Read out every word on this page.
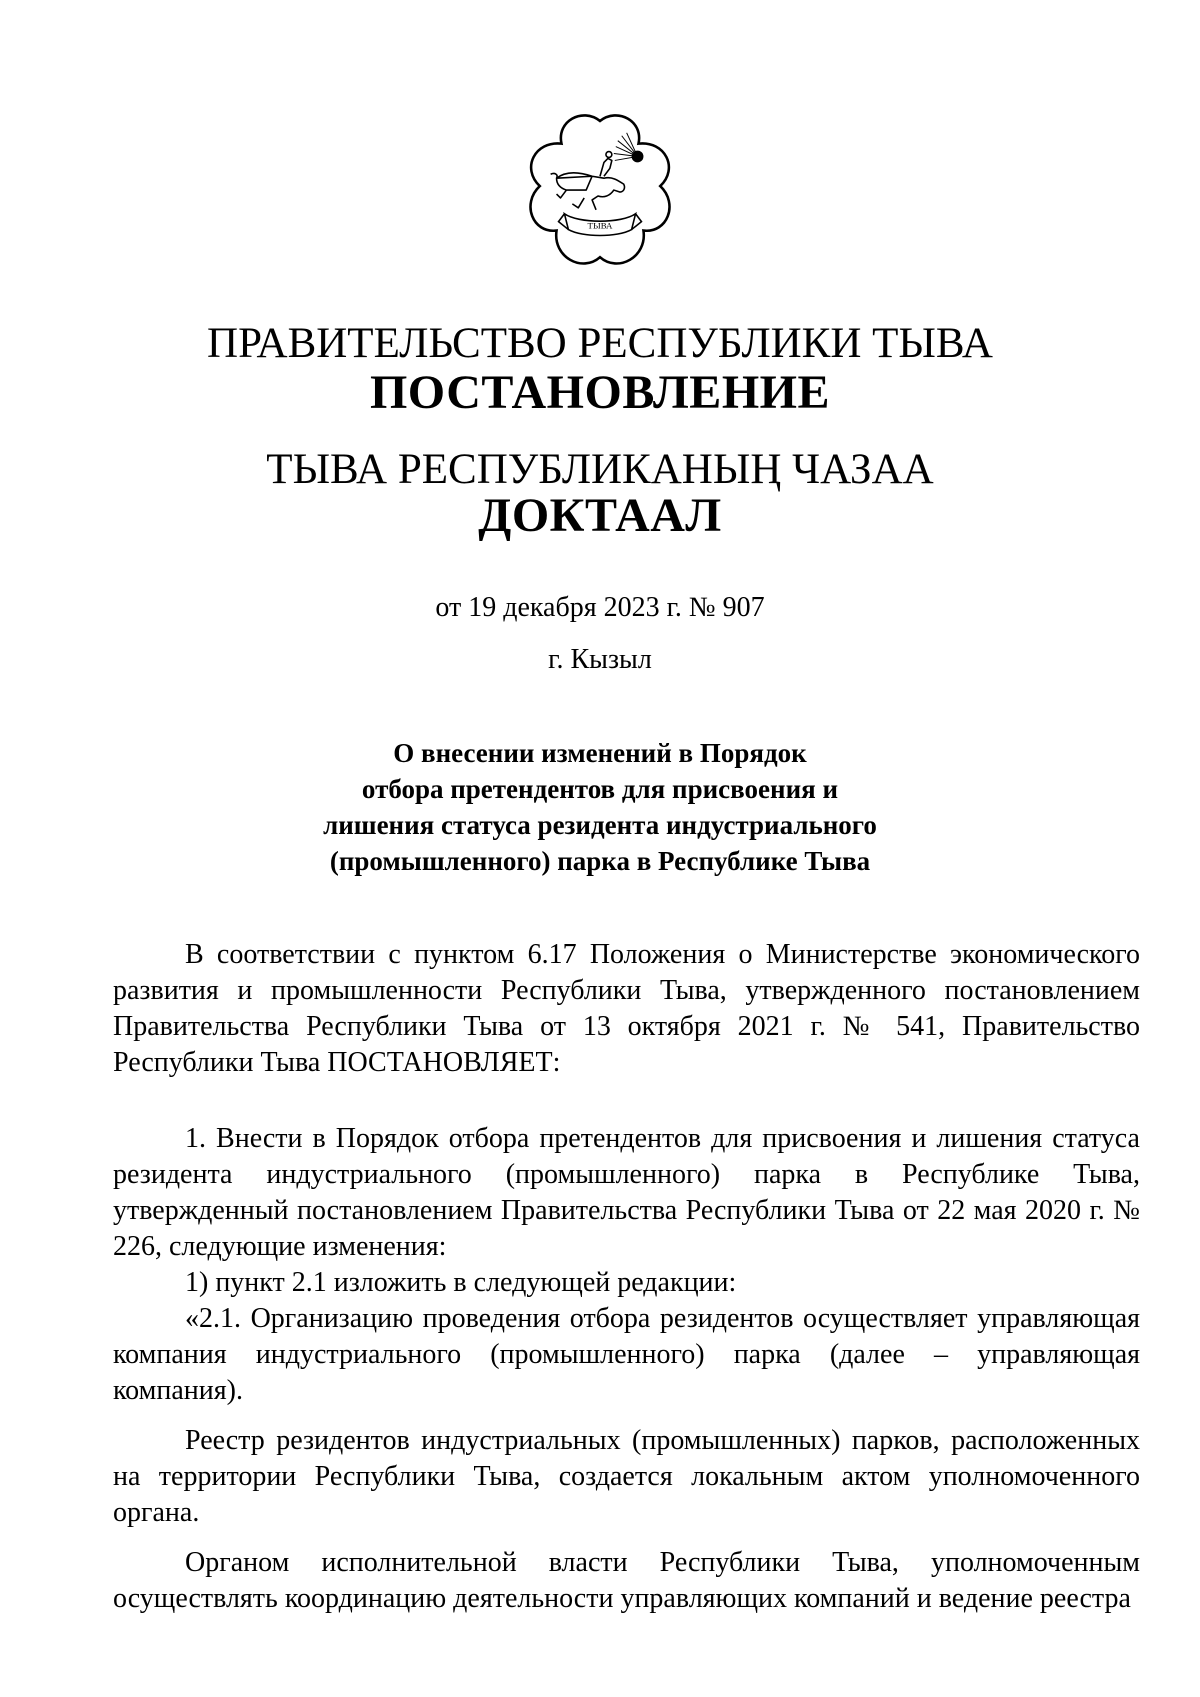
ТЫВА

ПРАВИТЕЛЬСТВО РЕСПУБЛИКИ ТЫВА

ПОСТАНОВЛЕНИЕ

ТЫВА РЕСПУБЛИКАНЫҢ ЧАЗАА

ДОКТААЛ

от 19 декабря 2023 г. № 907

г. Кызыл

О внесении изменений в Порядок
отбора претендентов для присвоения и
лишения статуса резидента индустриального
(промышленного) парка в Республике Тыва

В соответствии с пунктом 6.17 Положения о Министерстве экономического развития и промышленности Республики Тыва, утвержденного постановлением Правительства Республики Тыва от 13 октября 2021 г. № 541, Правительство Республики Тыва ПОСТАНОВЛЯЕТ:

1. Внести в Порядок отбора претендентов для присвоения и лишения статуса резидента индустриального (промышленного) парка в Республике Тыва, утвержденный постановлением Правительства Республики Тыва от 22 мая 2020 г. № 226, следующие изменения:

1) пункт 2.1 изложить в следующей редакции:

«2.1. Организацию проведения отбора резидентов осуществляет управляющая компания индустриального (промышленного) парка (далее – управляющая компания).

Реестр резидентов индустриальных (промышленных) парков, расположенных на территории Республики Тыва, создается локальным актом уполномоченного органа.

Органом исполнительной власти Республики Тыва, уполномоченным осуществлять координацию деятельности управляющих компаний и ведение реестра
